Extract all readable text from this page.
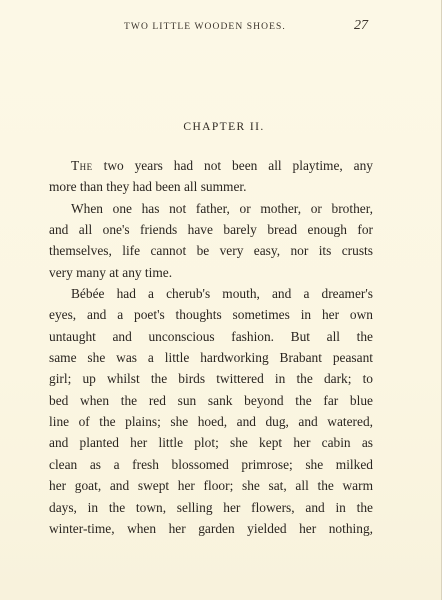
TWO LITTLE WOODEN SHOES.	27
CHAPTER II.
The two years had not been all playtime, any
more than they had been all summer.
When one has not father, or mother, or brother,
and all one's friends have barely bread enough for
themselves, life cannot be very easy, nor its crusts
very many at any time.
Bébée had a cherub's mouth, and a dreamer's
eyes, and a poet's thoughts sometimes in her own
untaught and unconscious fashion. But all the
same she was a little hardworking Brabant peasant
girl; up whilst the birds twittered in the dark; to
bed when the red sun sank beyond the far blue
line of the plains; she hoed, and dug, and watered,
and planted her little plot; she kept her cabin as
clean as a fresh blossomed primrose; she milked
her goat, and swept her floor; she sat, all the warm
days, in the town, selling her flowers, and in the
winter-time, when her garden yielded her nothing,
